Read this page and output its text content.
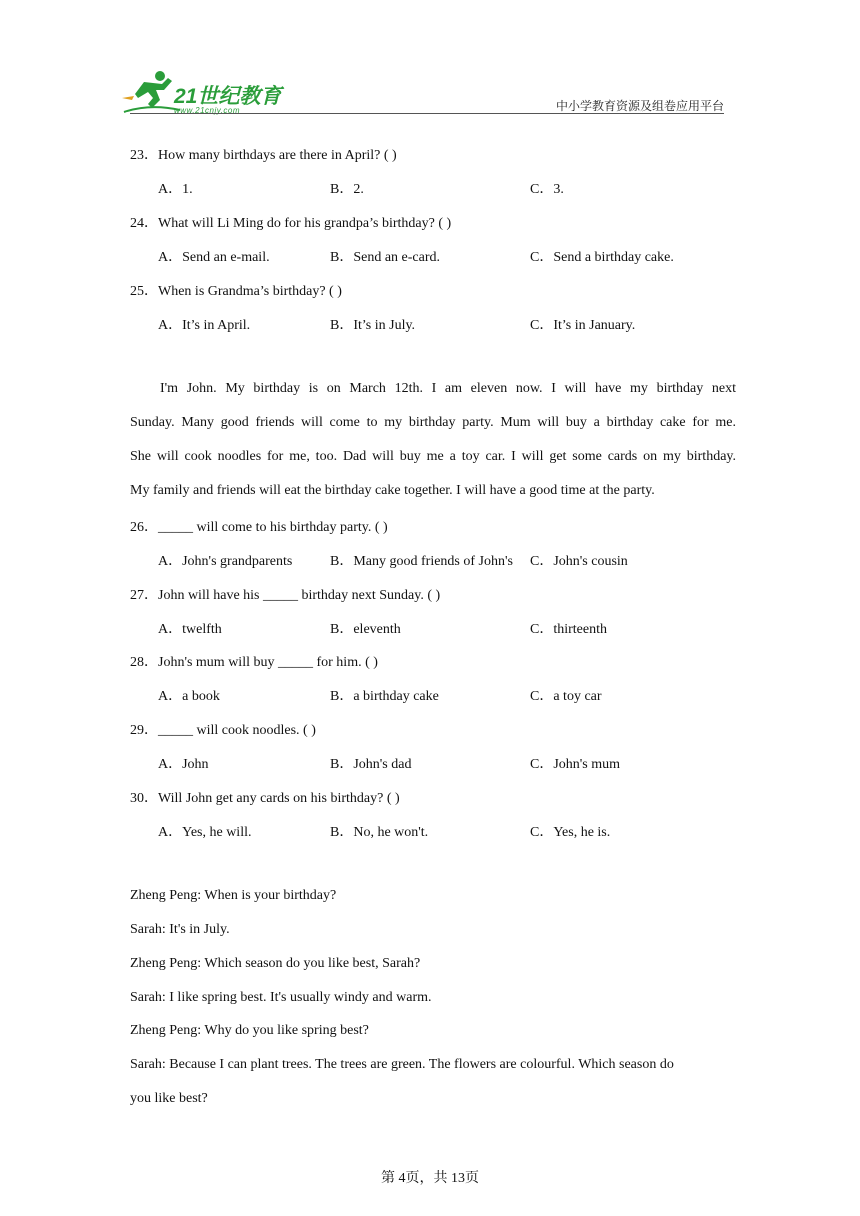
21世纪教育
www.21cnjy.com	中小学教育资源及组卷应用平台
23．How many birthdays are there in April? ( )
A．1.	B．2.	C．3.
24．What will Li Ming do for his grandpa’s birthday? ( )
A．Send an e-mail.	B．Send an e-card.	C．Send a birthday cake.
25．When is Grandma’s birthday? ( )
A．It’s in April.	B．It’s in July.	C．It’s in January.
I'm John. My birthday is on March 12th. I am eleven now. I will have my birthday next
Sunday. Many good friends will come to my birthday party. Mum will buy a birthday cake for me.
She will cook noodles for me, too. Dad will buy me a toy car. I will get some cards on my birthday.
My family and friends will eat the birthday cake together. I will have a good time at the party.
26．_____ will come to his birthday party. ( )
A．John's grandparents	B．Many good friends of John's C．John's cousin
27．John will have his _____ birthday next Sunday. ( )
A．twelfth	B．eleventh	C．thirteenth
28．John's mum will buy _____ for him. ( )
A．a book	B．a birthday cake	C．a toy car
29．_____ will cook noodles. ( )
A．John	B．John's dad	C．John's mum
30．Will John get any cards on his birthday? ( )
A．Yes, he will.	B．No, he won't.	C．Yes, he is.
Zheng Peng: When is your birthday?
Sarah: It's in July.
Zheng Peng: Which season do you like best, Sarah?
Sarah: I like spring best. It's usually windy and warm.
Zheng Peng: Why do you like spring best?
Sarah: Because I can plant trees. The trees are green. The flowers are colourful. Which season do
you like best?
第 4页，共 13页
